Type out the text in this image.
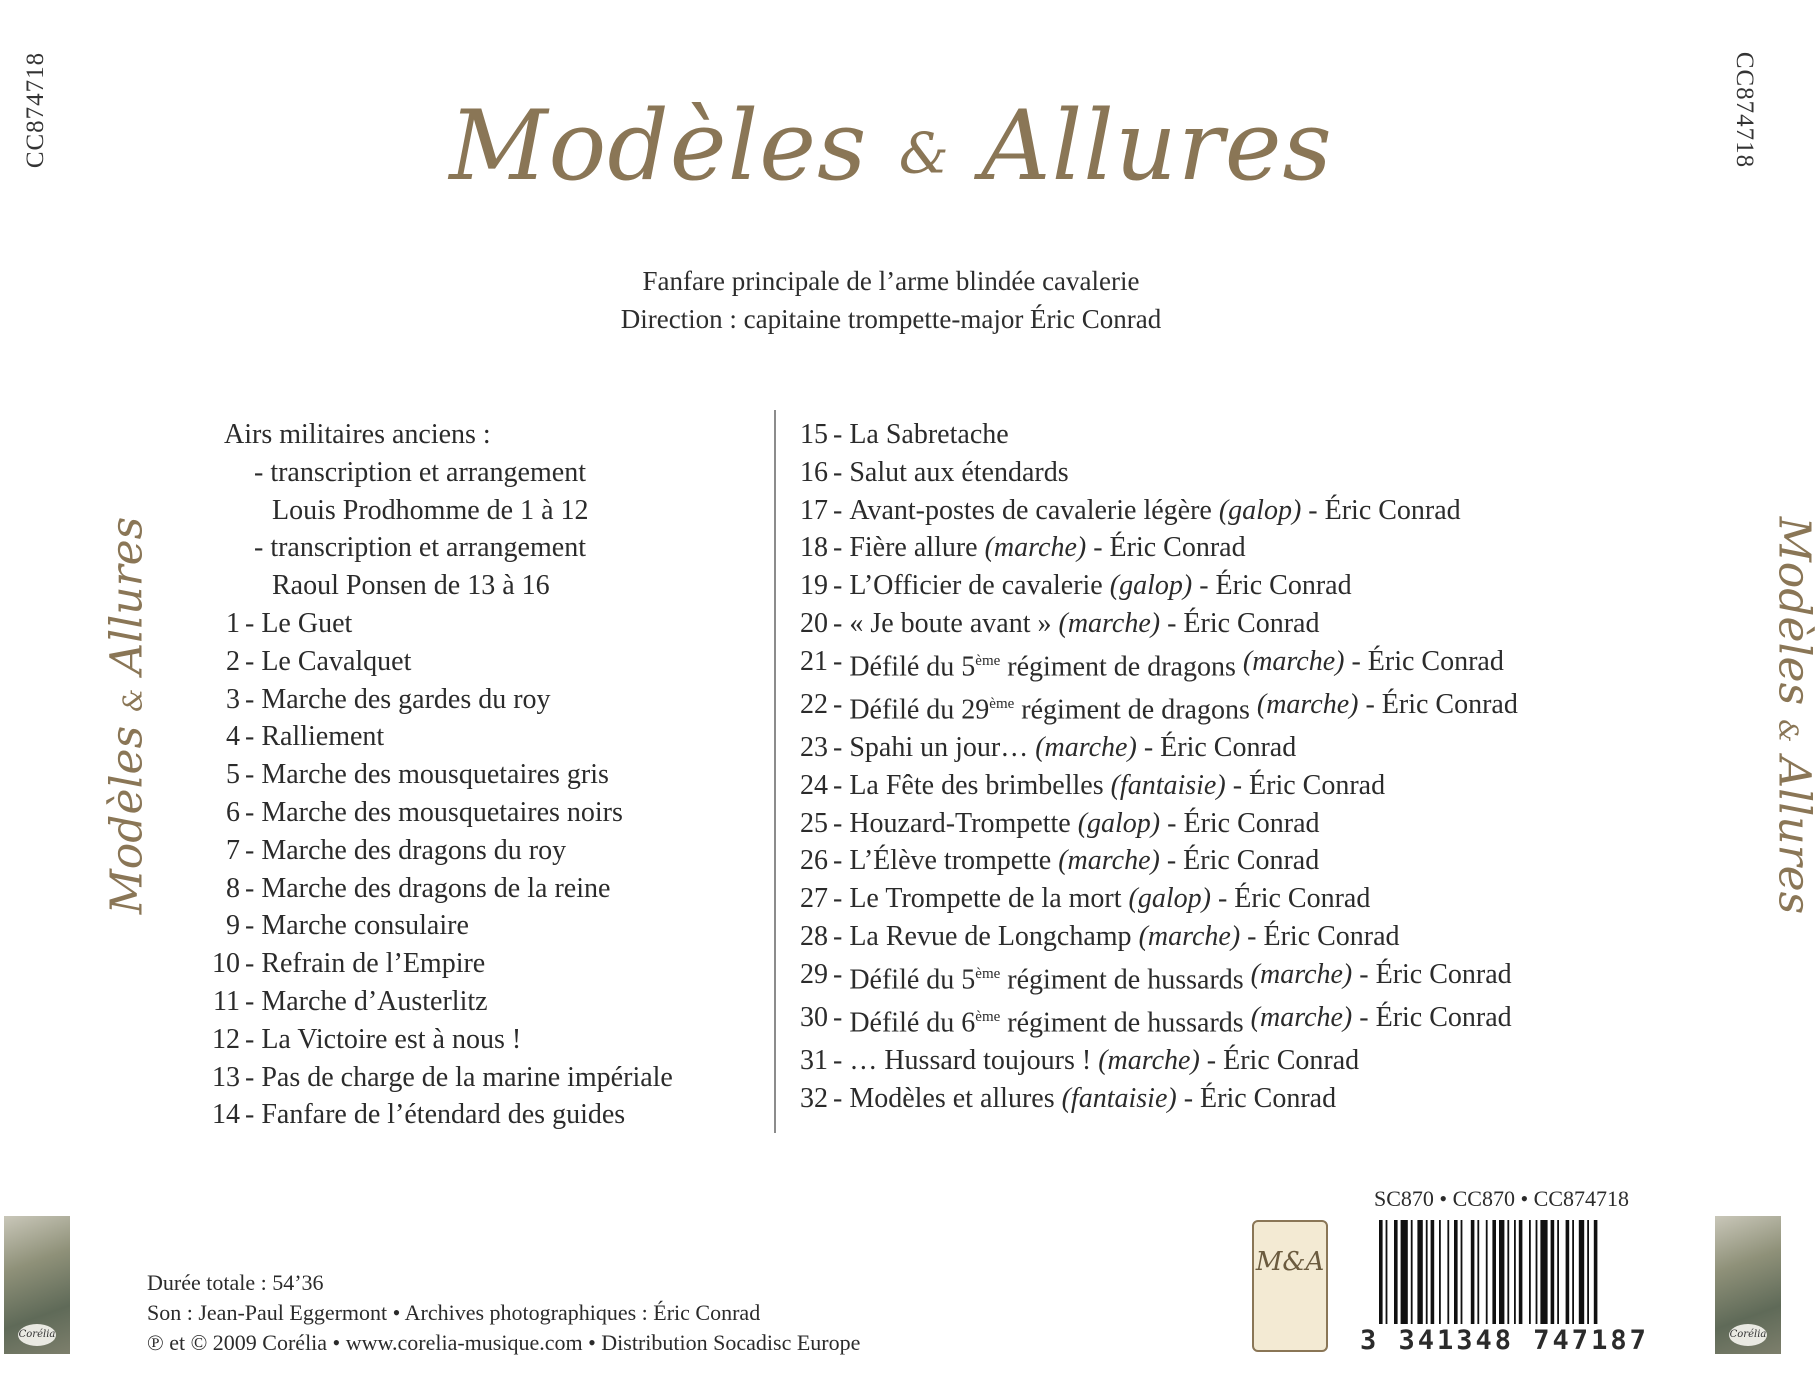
CC874718	CC874718
Modèles & Allures	Modèles & Allures
Modèles & Allures
Fanfare principale de l’arme blindée cavalerie
Direction : capitaine trompette-major Éric Conrad
Airs militaires anciens :
- transcription et arrangement
Louis Prodhomme de 1 à 12
- transcription et arrangement
Raoul Ponsen de 13 à 16
1 - Le Guet
2 - Le Cavalquet
3 - Marche des gardes du roy
4 - Ralliement
5 - Marche des mousquetaires gris
6 - Marche des mousquetaires noirs
7 - Marche des dragons du roy
8 - Marche des dragons de la reine
9 - Marche consulaire
10 - Refrain de l’Empire
11 - Marche d’Austerlitz
12 - La Victoire est à nous !
13 - Pas de charge de la marine impériale
14 - Fanfare de l’étendard des guides
15 - La Sabretache
16 - Salut aux étendards
17 - Avant-postes de cavalerie légère (galop) - Éric Conrad
18 - Fière allure (marche) - Éric Conrad
19 - L’Officier de cavalerie (galop) - Éric Conrad
20 - « Je boute avant » (marche) - Éric Conrad
21 - Défilé du 5ème régiment de dragons (marche) - Éric Conrad
22 - Défilé du 29ème régiment de dragons (marche) - Éric Conrad
23 - Spahi un jour… (marche) - Éric Conrad
24 - La Fête des brimbelles (fantaisie) - Éric Conrad
25 - Houzard-Trompette (galop) - Éric Conrad
26 - L’Élève trompette (marche) - Éric Conrad
27 - Le Trompette de la mort (galop) - Éric Conrad
28 - La Revue de Longchamp (marche) - Éric Conrad
29 - Défilé du 5ème régiment de hussards (marche) - Éric Conrad
30 - Défilé du 6ème régiment de hussards (marche) - Éric Conrad
31 - … Hussard toujours ! (marche) - Éric Conrad
32 - Modèles et allures (fantaisie) - Éric Conrad
Corélia
Durée totale : 54’36
Son : Jean-Paul Eggermont • Archives photographiques : Éric Conrad
℗ et © 2009 Corélia • www.corelia-musique.com • Distribution Socadisc Europe
SC870 • CC870 • CC874718
M&A
3 341348 747187	Corélia
